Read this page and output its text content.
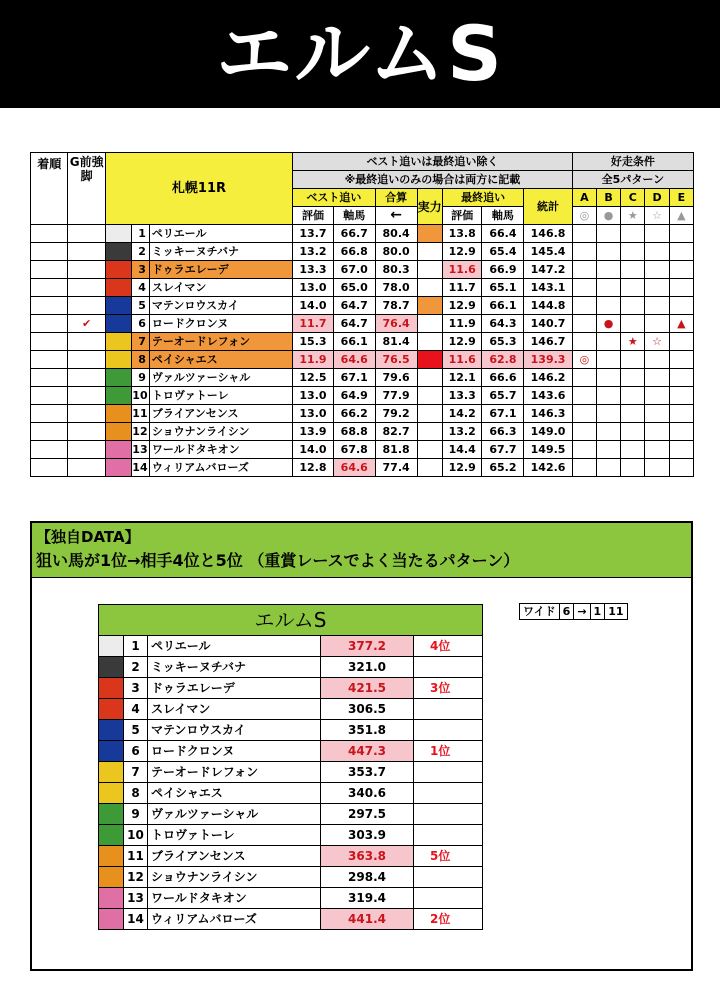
エルムS
着順	G前強脚	札幌11R			ベスト追いは最終追い除く							好走条件				
					※最終追いのみの場合は両方に記載							全5パターン				
					ベスト追い		合算	実力	最終追い		統計	A	B	C	D	E
					評価	軸馬	←		評価	軸馬		◎	●	★	☆	▲
			1	ペリエール	13.7	66.7	80.4		13.8	66.4	146.8					
			2	ミッキーヌチバナ	13.2	66.8	80.0		12.9	65.4	145.4					
			3	ドゥラエレーデ	13.3	67.0	80.3		11.6	66.9	147.2					
			4	スレイマン	13.0	65.0	78.0		11.7	65.1	143.1					
			5	マテンロウスカイ	14.0	64.7	78.7		12.9	66.1	144.8					
	✔		6	ロードクロンヌ	11.7	64.7	76.4		11.9	64.3	140.7		●			▲
			7	テーオードレフォン	15.3	66.1	81.4		12.9	65.3	146.7			★	☆	
			8	ペイシャエス	11.9	64.6	76.5		11.6	62.8	139.3	◎				
			9	ヴァルツァーシャル	12.5	67.1	79.6		12.1	66.6	146.2					
			10	トロヴァトーレ	13.0	64.9	77.9		13.3	65.7	143.6					
			11	ブライアンセンス	13.0	66.2	79.2		14.2	67.1	146.3					
			12	ショウナンライシン	13.9	68.8	82.7		13.2	66.3	149.0					
			13	ワールドタキオン	14.0	67.8	81.8		14.4	67.7	149.5					
			14	ウィリアムバローズ	12.8	64.6	77.4		12.9	65.2	142.6					
【独自DATA】
狙い馬が1位→相手4位と5位 （重賞レースでよく当たるパターン）
ワイド	6	→	1	11
エルムS				
	1	ペリエール	377.2	4位
	2	ミッキーヌチバナ	321.0	
	3	ドゥラエレーデ	421.5	3位
	4	スレイマン	306.5	
	5	マテンロウスカイ	351.8	
	6	ロードクロンヌ	447.3	1位
	7	テーオードレフォン	353.7	
	8	ペイシャエス	340.6	
	9	ヴァルツァーシャル	297.5	
	10	トロヴァトーレ	303.9	
	11	ブライアンセンス	363.8	5位
	12	ショウナンライシン	298.4	
	13	ワールドタキオン	319.4	
	14	ウィリアムバローズ	441.4	2位
